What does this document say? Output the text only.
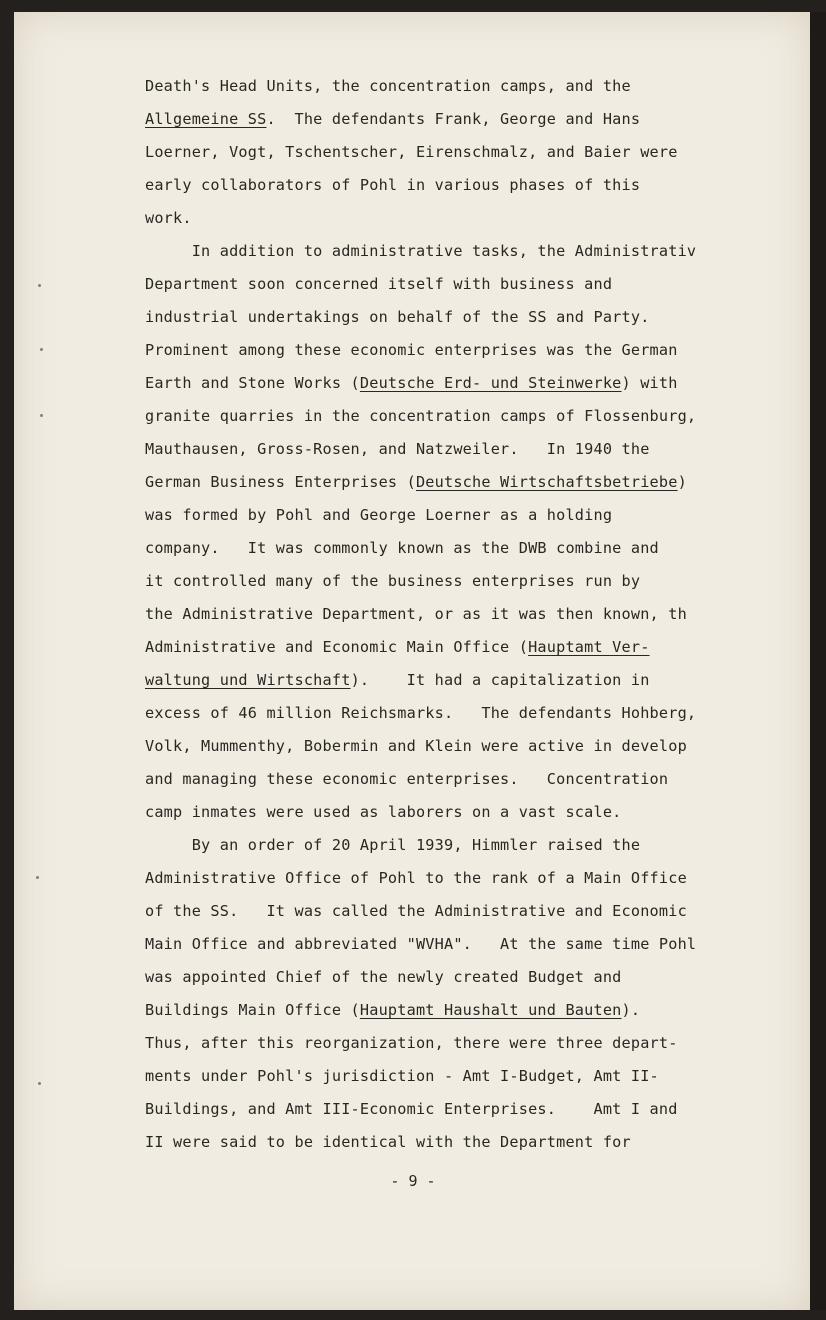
Death's Head Units, the concentration camps, and the
Allgemeine SS.  The defendants Frank, George and Hans
Loerner, Vogt, Tschentscher, Eirenschmalz, and Baier were
early collaborators of Pohl in various phases of this
work.
In addition to administrative tasks, the Administrativ
Department soon concerned itself with business and
industrial undertakings on behalf of the SS and Party.
Prominent among these economic enterprises was the German
Earth and Stone Works (Deutsche Erd- und Steinwerke) with
granite quarries in the concentration camps of Flossenburg,
Mauthausen, Gross-Rosen, and Natzweiler.   In 1940 the
German Business Enterprises (Deutsche Wirtschaftsbetriebe)
was formed by Pohl and George Loerner as a holding
company.   It was commonly known as the DWB combine and
it controlled many of the business enterprises run by
the Administrative Department, or as it was then known, th
Administrative and Economic Main Office (Hauptamt Ver-
waltung und Wirtschaft).    It had a capitalization in
excess of 46 million Reichsmarks.   The defendants Hohberg,
Volk, Mummenthy, Bobermin and Klein were active in develop
and managing these economic enterprises.   Concentration
camp inmates were used as laborers on a vast scale.
By an order of 20 April 1939, Himmler raised the
Administrative Office of Pohl to the rank of a Main Office
of the SS.   It was called the Administrative and Economic
Main Office and abbreviated "WVHA".   At the same time Pohl
was appointed Chief of the newly created Budget and
Buildings Main Office (Hauptamt Haushalt und Bauten).
Thus, after this reorganization, there were three depart-
ments under Pohl's jurisdiction - Amt I-Budget, Amt II-
Buildings, and Amt III-Economic Enterprises.    Amt I and
II were said to be identical with the Department for
- 9 -
